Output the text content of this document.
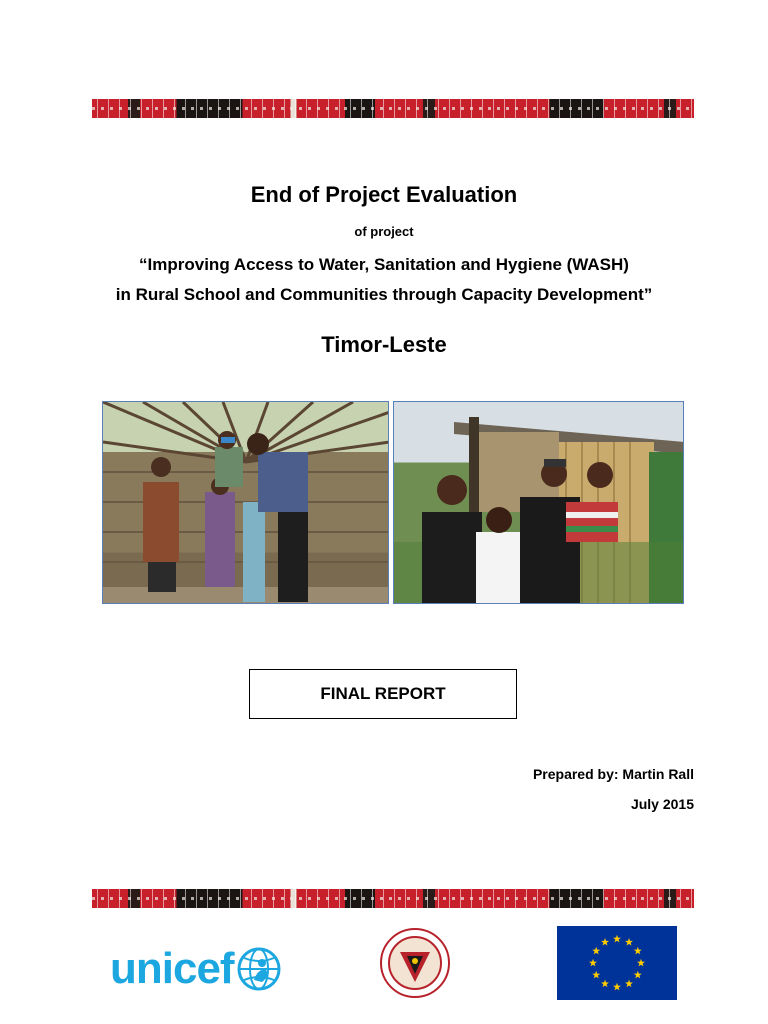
End of Project Evaluation
of project
“Improving Access to Water, Sanitation and Hygiene (WASH)
in Rural School and Communities through Capacity Development”
Timor-Leste
FINAL REPORT
Prepared by: Martin Rall
July 2015
unicef
